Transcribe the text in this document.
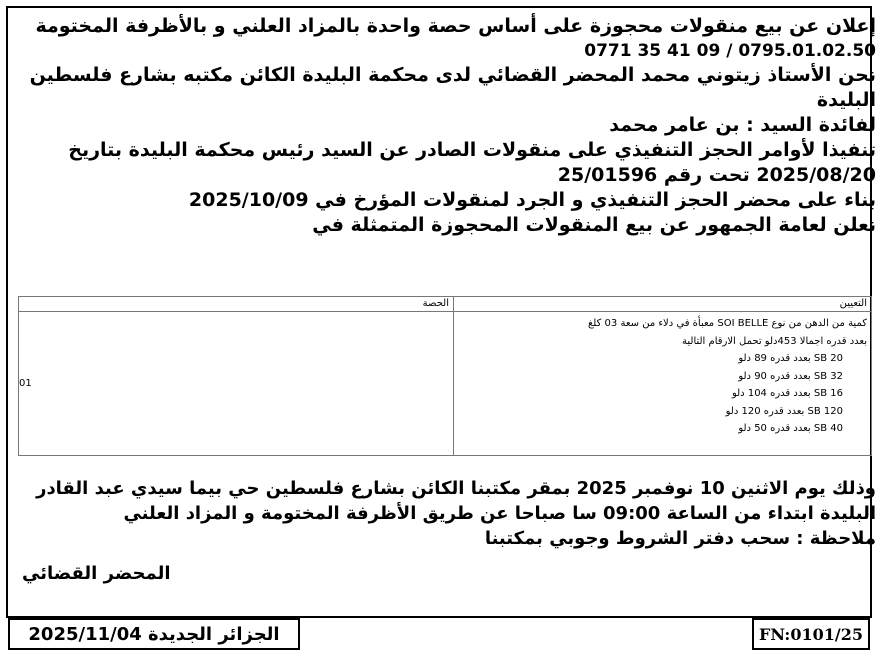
إعلان عن بيع منقولات محجوزة على أساس حصة واحدة بالمزاد العلني و بالأظرفة المختومة

0771 35 41 09 / 0795.01.02.50

نحن الأستاذ زيتوني محمد المحضر القضائي لدى محكمة البليدة الكائن مكتبه بشارع فلسطين

البليدة

لفائدة السيد : بن عامر محمد

تنفيذا لأوامر الحجز التنفيذي على منقولات الصادر عن السيد رئيس محكمة البليدة بتاريخ

2025/08/20 تحت رقم 25/01596

بناء على محضر الحجز التنفيذي و الجرد لمنقولات المؤرخ في 2025/10/09

نعلن لعامة الجمهور عن بيع المنقولات المحجوزة المتمثلة في

التعيين
الحصة
كمية من الدهن من نوع SOI BELLE معبأة في دلاء من سعة 03 كلغ
بعدد قدره اجمالا 453دلو تحمل الارقام التالية
SB 20 بعدد قدره 89 دلو
SB 32 بعدد قدره 90 دلو
SB 16 بعدد قدره 104 دلو
SB 120 بعدد قدره 120 دلو
SB 40 بعدد قدره 50 دلو
01

وذلك يوم الاثنين 10 نوفمبر 2025 بمقر مكتبنا الكائن بشارع فلسطين حي بيما سيدي عبد القادر

البليدة ابتداء من الساعة 09:00 سا صباحا عن طريق الأظرفة المختومة و المزاد العلني

ملاحظة : سحب دفتر الشروط وجوبي بمكتبنا

المحضر القضائي
الجزائر الجديدة 2025/11/04	FN:0101/25
